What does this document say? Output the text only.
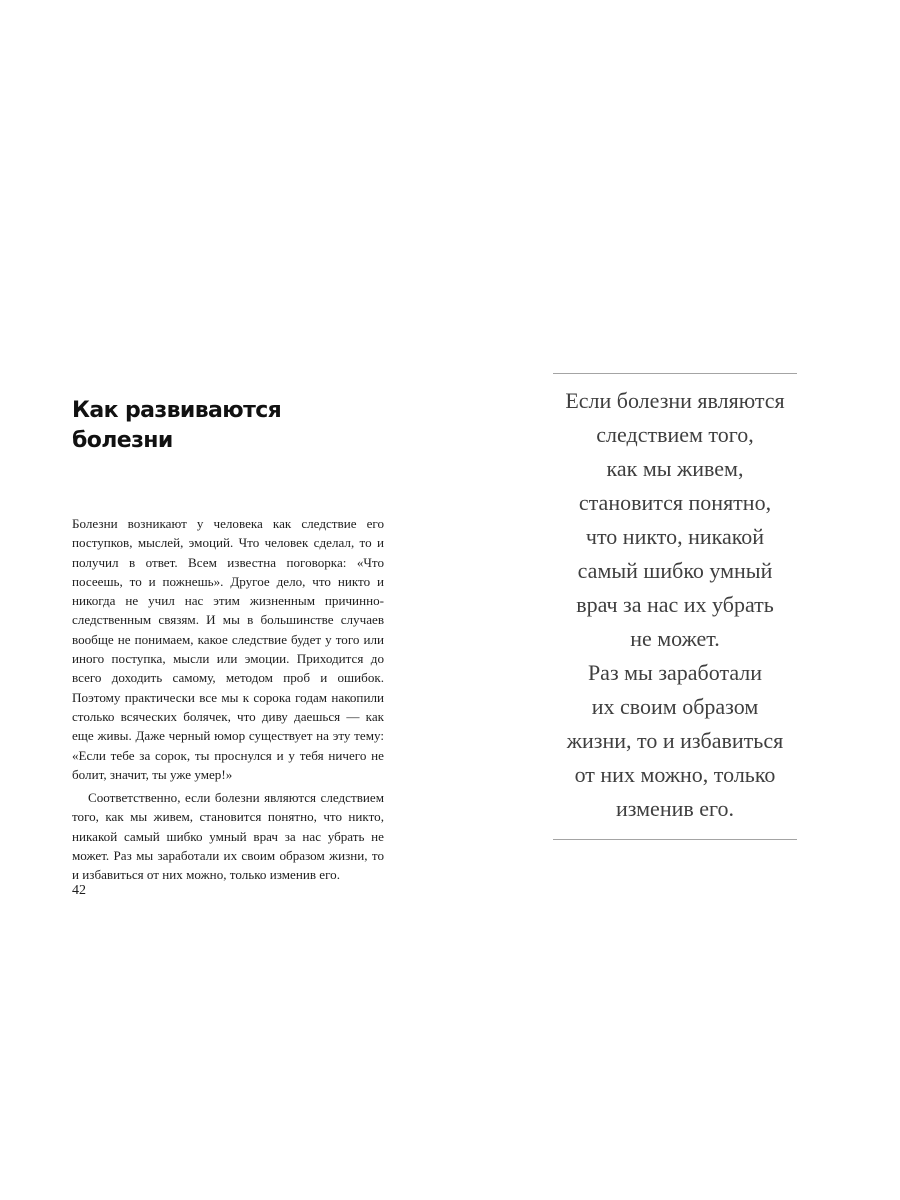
Как развиваются болезни

Болезни возникают у человека как следствие его поступков, мыслей, эмоций. Что человек сделал, то и получил в ответ. Всем известна поговорка: «Что посеешь, то и пожнешь». Другое дело, что никто и никогда не учил нас этим жизненным причинно-следственным связям. И мы в большинстве случаев вообще не понимаем, какое следствие будет у того или иного поступка, мысли или эмоции. Приходится до всего доходить самому, методом проб и ошибок. Поэтому практически все мы к сорока годам накопили столько всяческих болячек, что диву даешься — как еще живы. Даже черный юмор существует на эту тему: «Если тебе за сорок, ты проснулся и у тебя ничего не болит, значит, ты уже умер!»

Соответственно, если болезни являются следствием того, как мы живем, становится понятно, что никто, никакой самый шибко умный врач за нас убрать не может. Раз мы заработали их своим образом жизни, то и избавиться от них можно, только изменив его.

42

Если болезни являются
следствием того,
как мы живем,
становится понятно,
что никто, никакой
самый шибко умный
врач за нас их убрать
не может.
Раз мы заработали
их своим образом
жизни, то и избавиться
от них можно, только
изменив его.
